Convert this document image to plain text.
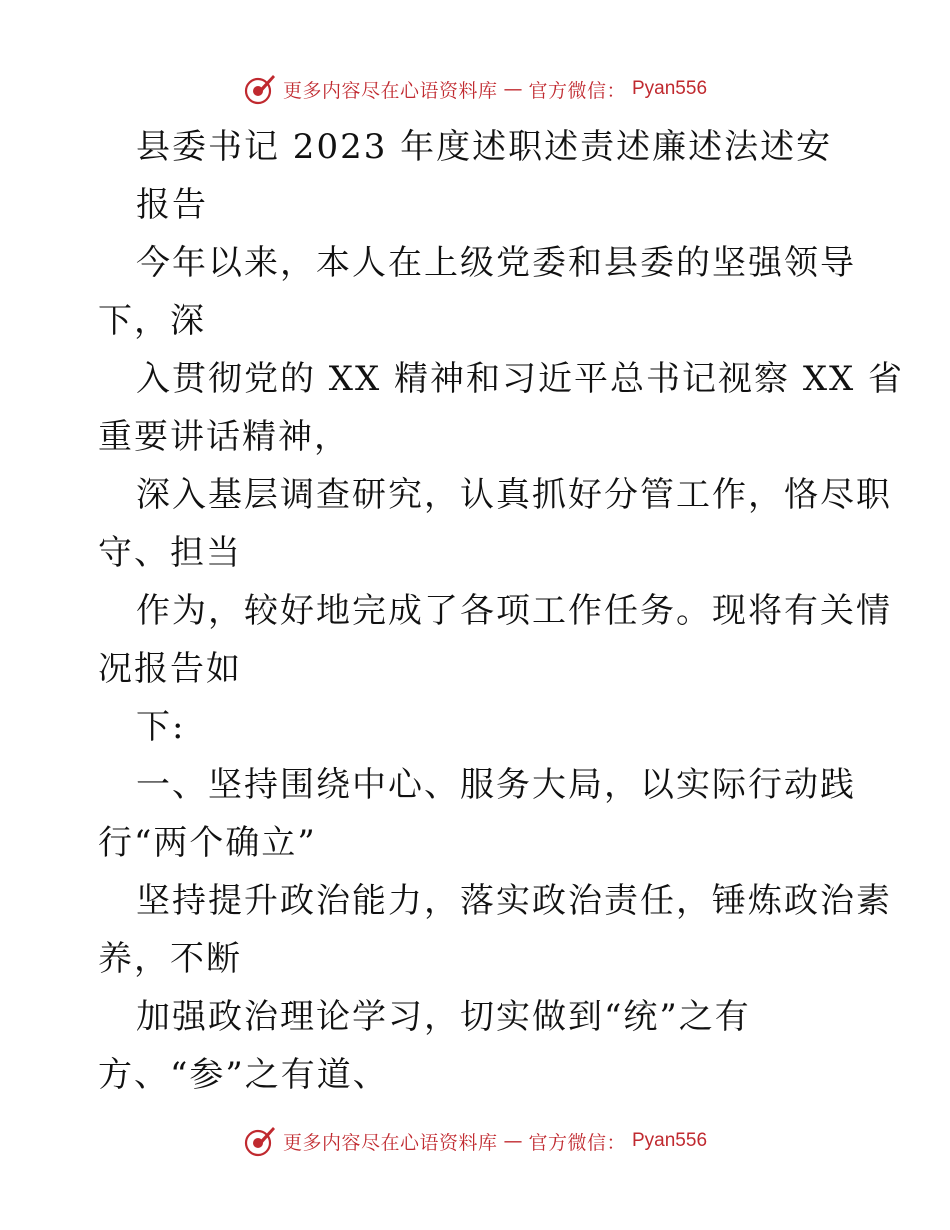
更多内容尽在心语资料库 — 官方微信： Pyan556
县委书记 2023 年度述职述责述廉述法述安
报告
今年以来，本人在上级党委和县委的坚强领导
下，深
入贯彻党的 XX 精神和习近平总书记视察 XX 省
重要讲话精神，
深入基层调查研究，认真抓好分管工作，恪尽职
守、担当
作为，较好地完成了各项工作任务。现将有关情
况报告如
下:
一、坚持围绕中心、服务大局，以实际行动践
行“两个确立”
坚持提升政治能力，落实政治责任，锤炼政治素
养，不断
加强政治理论学习，切实做到“统”之有
方、“参”之有道、
更多内容尽在心语资料库 — 官方微信： Pyan556
